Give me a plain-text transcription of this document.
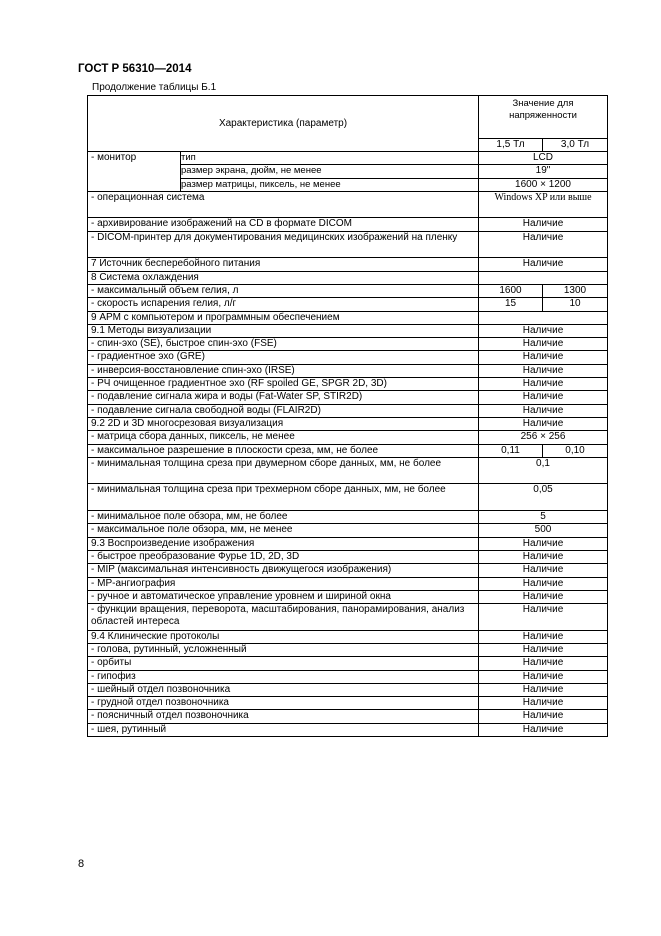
ГОСТ Р 56310—2014
Продолжение таблицы Б.1
Характеристика (параметр)		Значение для напряженности	
		1,5 Тл	3,0 Тл
- монитор	тип	LCD	
	размер экрана, дюйм, не менее	19"	
	размер матрицы, пиксель, не менее	1600 × 1200	
- операционная система		Windows XP или выше	
- архивирование изображений на CD в формате DICOM		Наличие	
- DICOM-принтер для документирования медицинских изображений на пленку		Наличие	
7 Источник бесперебойного питания		Наличие	
8 Система охлаждения			
- максимальный объем гелия, л		1600	1300
- скорость испарения гелия, л/г		15	10
9 АРМ с компьютером и программным обеспечением			
9.1 Методы визуализации		Наличие	
- спин-эхо (SE), быстрое спин-эхо (FSE)		Наличие	
- градиентное эхо (GRE)		Наличие	
- инверсия-восстановление спин-эхо (IRSE)		Наличие	
- РЧ очищенное градиентное эхо (RF spoiled GE, SPGR 2D, 3D)		Наличие	
- подавление сигнала жира и воды (Fat-Water SP, STIR2D)		Наличие	
- подавление сигнала свободной воды (FLAIR2D)		Наличие	
9.2 2D и 3D многосрезовая визуализация		Наличие	
- матрица сбора данных, пиксель, не менее		256 × 256	
- максимальное разрешение в плоскости среза, мм, не более		0,11	0,10
- минимальная толщина среза при двумерном сборе данных, мм, не более		0,1	
- минимальная толщина среза при трехмерном сборе данных, мм, не более		0,05	
- минимальное поле обзора, мм, не более		5	
- максимальное поле обзора, мм, не менее		500	
9.3 Воспроизведение изображения		Наличие	
- быстрое преобразование Фурье 1D, 2D, 3D		Наличие	
- MIP (максимальная интенсивность движущегося изображения)		Наличие	
- МР-ангиография		Наличие	
- ручное и автоматическое управление уровнем и шириной окна		Наличие	
- функции вращения, переворота, масштабирования, панорамирования, анализ областей интереса		Наличие	
9.4 Клинические протоколы		Наличие	
- голова, рутинный, усложненный		Наличие	
- орбиты		Наличие	
- гипофиз		Наличие	
- шейный отдел позвоночника		Наличие	
- грудной отдел позвоночника		Наличие	
- поясничный отдел позвоночника		Наличие	
- шея, рутинный		Наличие	
8
